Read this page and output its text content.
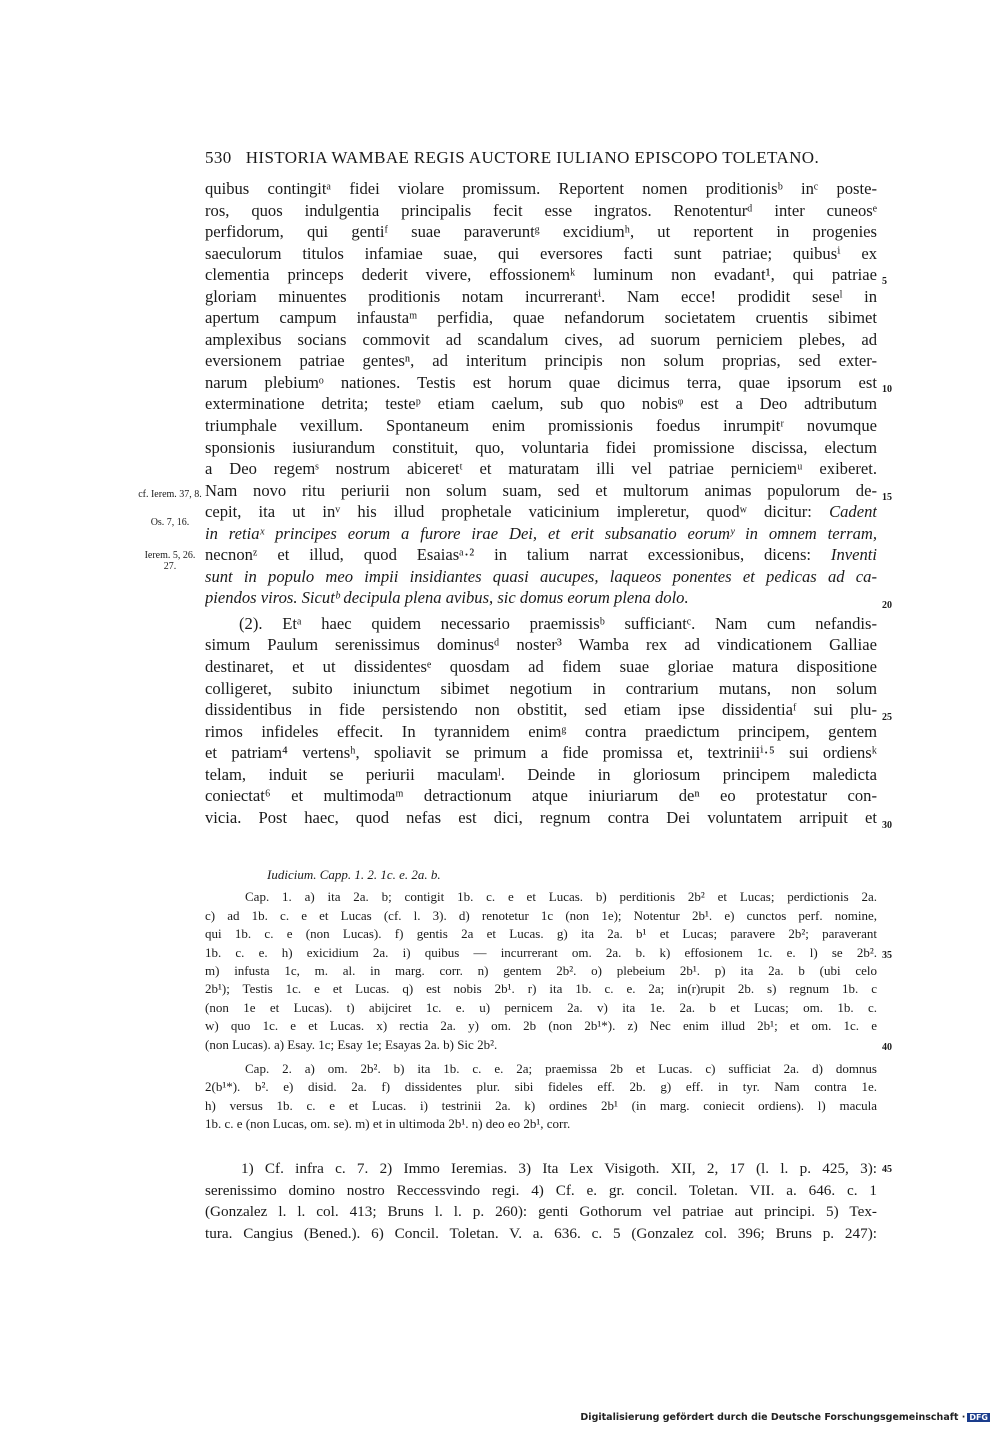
530 HISTORIA WAMBAE REGIS AUCTORE IULIANO EPISCOPO TOLETANO.
quibus contingitᵃ fidei violare promissum. Reportent nomen proditionisᵇ inᶜ poste-
ros, quos indulgentia principalis fecit esse ingratos. Renotenturᵈ inter cuneosᵉ
perfidorum, qui gentiᶠ suae paraveruntᵍ excidiumʰ, ut reportent in progenies
saeculorum titulos infamiae suae, qui eversores facti sunt patriae; quibusⁱ ex
clementia princeps dederit vivere, effossionemᵏ luminum non evadant¹, qui patriae
gloriam minuentes proditionis notam incurrerantⁱ. Nam ecce! prodidit seseˡ in
apertum campum infaustaᵐ perfidia, quae nefandorum societatem cruentis sibimet
amplexibus socians commovit ad scandalum cives, ad suorum perniciem plebes, ad
eversionem patriae gentesⁿ, ad interitum principis non solum proprias, sed exter-
narum plebiumᵒ nationes. Testis est horum quae dicimus terra, quae ipsorum est
exterminatione detrita; testeᵖ etiam caelum, sub quo nobisᵠ est a Deo adtributum
triumphale vexillum. Spontaneum enim promissionis foedus inrumpitʳ novumque
sponsionis iusiurandum constituit, quo, voluntaria fidei promissione discissa, electum
a Deo regemˢ nostrum abiceretᵗ et maturatam illi vel patriae perniciemᵘ exiberet.
Nam novo ritu periurii non solum suam, sed et multorum animas populorum de-
cepit, ita ut inᵛ his illud prophetale vaticinium impleretur, quodʷ dicitur: Cadent
in retiaˣ principes eorum a furore irae Dei, et erit subsanatio eorumʸ in omnem terram,
necnonᶻ et illud, quod Esaiasᵃ·² in talium narrat excessionibus, dicens: Inventi
sunt in populo meo impii insidiantes quasi aucupes, laqueos ponentes et pedicas ad ca-
piendos viros. Sicutᵇ decipula plena avibus, sic domus eorum plena dolo.
(2). Etᵃ haec quidem necessario praemissisᵇ sufficiantᶜ. Nam cum nefandis-
simum Paulum serenissimus dominusᵈ noster³ Wamba rex ad vindicationem Galliae
destinaret, et ut dissidentesᵉ quosdam ad fidem suae gloriae matura dispositione
colligeret, subito iniunctum sibimet negotium in contrarium mutans, non solum
dissidentibus in fide persistendo non obstitit, sed etiam ipse dissidentiaᶠ sui plu-
rimos infideles effecit. In tyrannidem enimᵍ contra praedictum principem, gentem
et patriam⁴ vertensʰ, spoliavit se primum a fide promissa et, textriniiⁱ·⁵ sui ordiensᵏ
telam, induit se periurii maculamˡ. Deinde in gloriosum principem maledicta
coniectat⁶ et multimodaᵐ detractionum atque iniuriarum deⁿ eo protestatur con-
vicia. Post haec, quod nefas est dici, regnum contra Dei voluntatem arripuit et
5
10
15
20
25
30
35
40
45
cf. Ierem. 37, 8.
Os. 7, 16.
Ierem. 5, 26. 27.
Iudicium. Capp. 1. 2. 1c. e. 2a. b.
Cap. 1. a) ita 2a. b; contigit 1b. c. e et Lucas. b) perditionis 2b² et Lucas; perdictionis 2a.
c) ad 1b. c. e et Lucas (cf. l. 3). d) renotetur 1c (non 1e); Notentur 2b¹. e) cunctos perf. nomine,
qui 1b. c. e (non Lucas). f) gentis 2a et Lucas. g) ita 2a. b¹ et Lucas; paravere 2b²; paraverant
1b. c. e. h) exicidium 2a. i) quibus — incurrerant om. 2a. b. k) effosionem 1c. e. l) se 2b².
m) infusta 1c, m. al. in marg. corr. n) gentem 2b². o) plebeium 2b¹. p) ita 2a. b (ubi celo
2b¹); Testis 1c. e et Lucas. q) est nobis 2b¹. r) ita 1b. c. e. 2a; in(r)rupit 2b. s) regnum 1b. c
(non 1e et Lucas). t) abijciret 1c. e. u) pernicem 2a. v) ita 1e. 2a. b et Lucas; om. 1b. c.
w) quo 1c. e et Lucas. x) rectia 2a. y) om. 2b (non 2b¹*). z) Nec enim illud 2b¹; et om. 1c. e
(non Lucas). a) Esay. 1c; Esay 1e; Esayas 2a. b) Sic 2b².
Cap. 2. a) om. 2b². b) ita 1b. c. e. 2a; praemissa 2b et Lucas. c) sufficiat 2a. d) domnus
2(b¹*). b². e) disid. 2a. f) dissidentes plur. sibi fideles eff. 2b. g) eff. in tyr. Nam contra 1e.
h) versus 1b. c. e et Lucas. i) testrinii 2a. k) ordines 2b¹ (in marg. coniecit ordiens). l) macula
1b. c. e (non Lucas, om. se). m) et in ultimoda 2b¹. n) deo eo 2b¹, corr.
1) Cf. infra c. 7. 2) Immo Ieremias. 3) Ita Lex Visigoth. XII, 2, 17 (l. l. p. 425, 3):
serenissimo domino nostro Reccessvindo regi. 4) Cf. e. gr. concil. Toletan. VII. a. 646. c. 1
(Gonzalez l. l. col. 413; Bruns l. l. p. 260): genti Gothorum vel patriae aut principi. 5) Tex-
tura. Cangius (Bened.). 6) Concil. Toletan. V. a. 636. c. 5 (Gonzalez col. 396; Bruns p. 247):
Digitalisierung gefördert durch die Deutsche Forschungsgemeinschaft · DFG
